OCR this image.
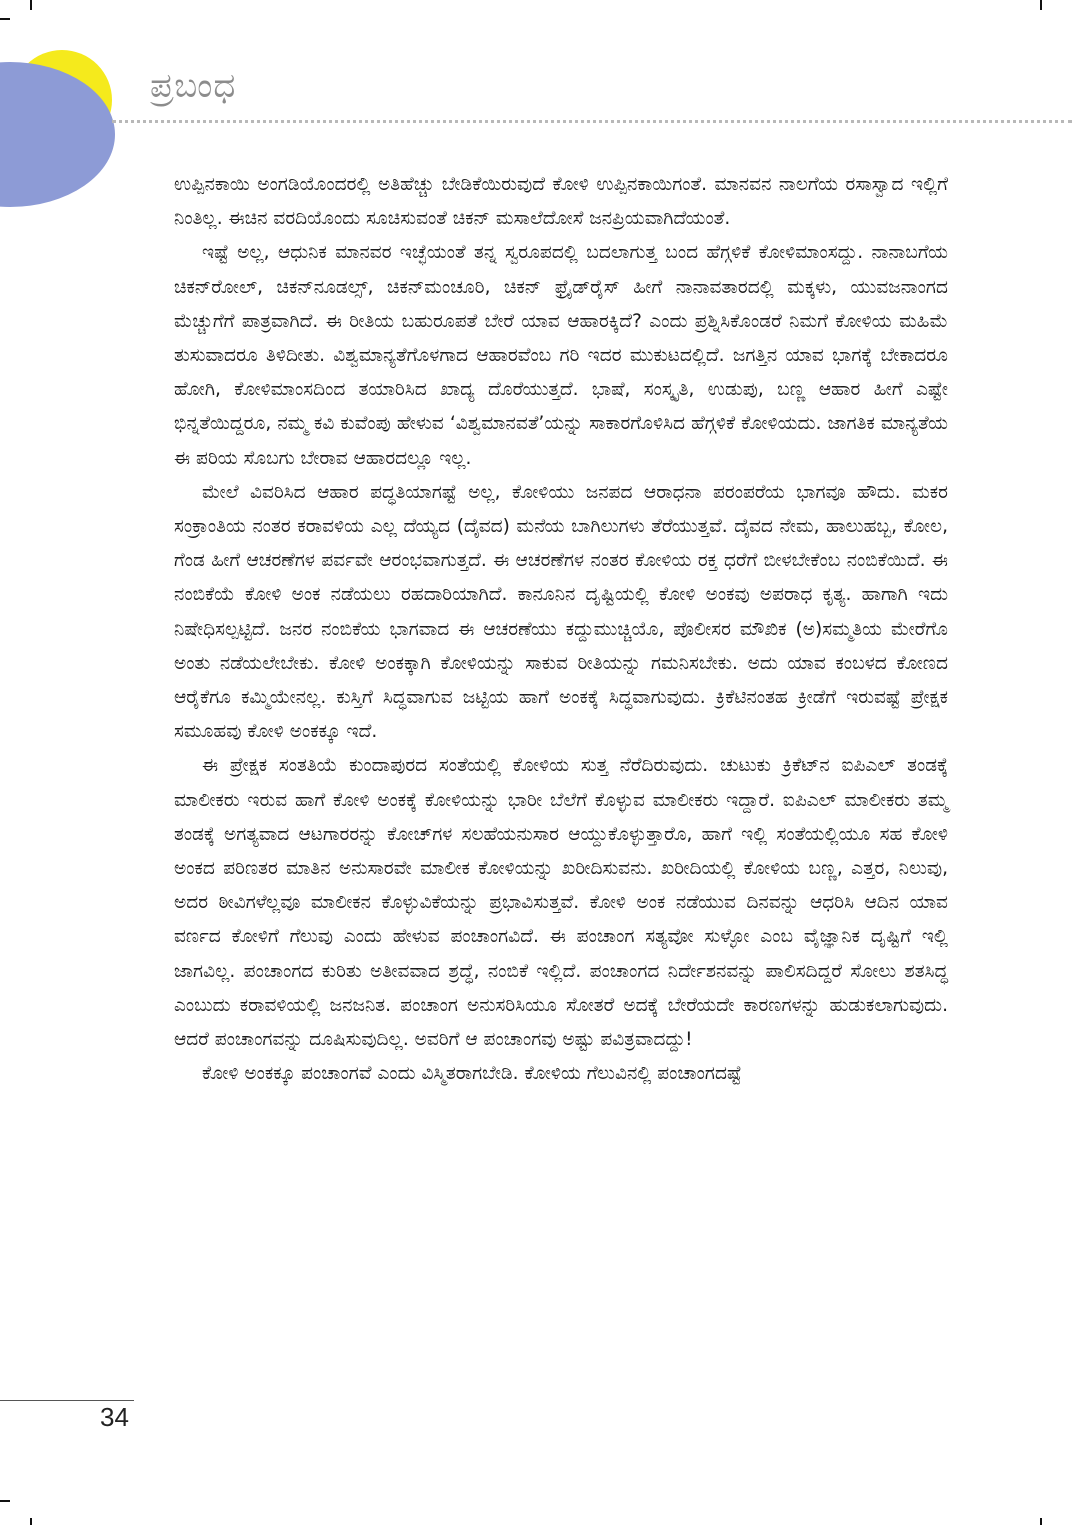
ಪ್ರಬಂಧ

ಉಪ್ಪಿನಕಾಯಿ ಅಂಗಡಿಯೊಂದರಲ್ಲಿ ಅತಿಹೆಚ್ಚು ಬೇಡಿಕೆಯಿರುವುದೆ ಕೋಳಿ ಉಪ್ಪಿನಕಾಯಿಗಂತೆ. ಮಾನವನ ನಾಲಗೆಯ ರಸಾಸ್ವಾದ ಇಲ್ಲಿಗೆ ನಿಂತಿಲ್ಲ. ಈಚಿನ ವರದಿಯೊಂದು ಸೂಚಿಸುವಂತೆ ಚಿಕನ್ ಮಸಾಲೆದೋಸೆ ಜನಪ್ರಿಯವಾಗಿದೆಯಂತೆ.

ಇಷ್ಟೆ ಅಲ್ಲ, ಆಧುನಿಕ ಮಾನವರ ಇಚ್ಛೆಯಂತೆ ತನ್ನ ಸ್ವರೂಪದಲ್ಲಿ ಬದಲಾಗುತ್ತ ಬಂದ ಹೆಗ್ಗಳಿಕೆ ಕೋಳಿಮಾಂಸದ್ದು. ನಾನಾಬಗೆಯ ಚಿಕನ್‌ರೋಲ್, ಚಿಕನ್‌ನೂಡಲ್ಸ್, ಚಿಕನ್‌ಮಂಚೂರಿ, ಚಿಕನ್ ಫ್ರೈಡ್‌ರೈಸ್ ಹೀಗೆ ನಾನಾವತಾರದಲ್ಲಿ ಮಕ್ಕಳು, ಯುವಜನಾಂಗದ ಮೆಚ್ಚುಗೆಗೆ ಪಾತ್ರವಾಗಿದೆ. ಈ ರೀತಿಯ ಬಹುರೂಪತೆ ಬೇರೆ ಯಾವ ಆಹಾರಕ್ಕಿದೆ? ಎಂದು ಪ್ರಶ್ನಿಸಿಕೊಂಡರೆ ನಿಮಗೆ ಕೋಳಿಯ ಮಹಿಮೆ ತುಸುವಾದರೂ ತಿಳಿದೀತು. ವಿಶ್ವಮಾನ್ಯತೆಗೊಳಗಾದ ಆಹಾರವೆಂಬ ಗರಿ ಇದರ ಮುಕುಟದಲ್ಲಿದೆ. ಜಗತ್ತಿನ ಯಾವ ಭಾಗಕ್ಕೆ ಬೇಕಾದರೂ ಹೋಗಿ, ಕೋಳಿಮಾಂಸದಿಂದ ತಯಾರಿಸಿದ ಖಾದ್ಯ ದೊರೆಯುತ್ತದೆ. ಭಾಷೆ, ಸಂಸ್ಕೃತಿ, ಉಡುಪು, ಬಣ್ಣ ಆಹಾರ ಹೀಗೆ ಎಷ್ಟೇ ಭಿನ್ನತೆಯಿದ್ದರೂ, ನಮ್ಮ ಕವಿ ಕುವೆಂಪು ಹೇಳುವ ‘ವಿಶ್ವಮಾನವತೆ’ಯನ್ನು ಸಾಕಾರಗೊಳಿಸಿದ ಹೆಗ್ಗಳಿಕೆ ಕೋಳಿಯದು. ಜಾಗತಿಕ ಮಾನ್ಯತೆಯ ಈ ಪರಿಯ ಸೊಬಗು ಬೇರಾವ ಆಹಾರದಲ್ಲೂ ಇಲ್ಲ.

ಮೇಲೆ ವಿವರಿಸಿದ ಆಹಾರ ಪದ್ಧತಿಯಾಗಷ್ಟೆ ಅಲ್ಲ, ಕೋಳಿಯು ಜನಪದ ಆರಾಧನಾ ಪರಂಪರೆಯ ಭಾಗವೂ ಹೌದು. ಮಕರ ಸಂಕ್ರಾಂತಿಯ ನಂತರ ಕರಾವಳಿಯ ಎಲ್ಲ ದೆಯ್ಯದ (ದೈವದ) ಮನೆಯ ಬಾಗಿಲುಗಳು ತೆರೆಯುತ್ತವೆ. ದೈವದ ನೇಮ, ಹಾಲುಹಬ್ಬ, ಕೋಲ, ಗೆಂಡ ಹೀಗೆ ಆಚರಣೆಗಳ ಪರ್ವವೇ ಆರಂಭವಾಗುತ್ತದೆ. ಈ ಆಚರಣೆಗಳ ನಂತರ ಕೋಳಿಯ ರಕ್ತ ಧರೆಗೆ ಬೀಳಬೇಕೆಂಬ ನಂಬಿಕೆಯಿದೆ. ಈ ನಂಬಿಕೆಯೆ ಕೋಳಿ ಅಂಕ ನಡೆಯಲು ರಹದಾರಿಯಾಗಿದೆ. ಕಾನೂನಿನ ದೃಷ್ಟಿಯಲ್ಲಿ ಕೋಳಿ ಅಂಕವು ಅಪರಾಧ ಕೃತ್ಯ. ಹಾಗಾಗಿ ಇದು ನಿಷೇಧಿಸಲ್ಪಟ್ಟಿದೆ. ಜನರ ನಂಬಿಕೆಯ ಭಾಗವಾದ ಈ ಆಚರಣೆಯು ಕದ್ದುಮುಚ್ಚಿಯೊ, ಪೊಲೀಸರ ಮೌಖಿಕ (ಅ)ಸಮ್ಮತಿಯ ಮೇರೆಗೊ ಅಂತು ನಡೆಯಲೇಬೇಕು. ಕೋಳಿ ಅಂಕಕ್ಕಾಗಿ ಕೋಳಿಯನ್ನು ಸಾಕುವ ರೀತಿಯನ್ನು ಗಮನಿಸಬೇಕು. ಅದು ಯಾವ ಕಂಬಳದ ಕೋಣದ ಆರೈಕೆಗೂ ಕಮ್ಮಿಯೇನಲ್ಲ. ಕುಸ್ತಿಗೆ ಸಿದ್ಧವಾಗುವ ಜಟ್ಟಿಯ ಹಾಗೆ ಅಂಕಕ್ಕೆ ಸಿದ್ಧವಾಗುವುದು. ಕ್ರಿಕೆಟಿನಂತಹ ಕ್ರೀಡೆಗೆ ಇರುವಷ್ಟೆ ಪ್ರೇಕ್ಷಕ ಸಮೂಹವು ಕೋಳಿ ಅಂಕಕ್ಕೂ ಇದೆ.

ಈ ಪ್ರೇಕ್ಷಕ ಸಂತತಿಯೆ ಕುಂದಾಪುರದ ಸಂತೆಯಲ್ಲಿ ಕೋಳಿಯ ಸುತ್ತ ನೆರೆದಿರುವುದು. ಚುಟುಕು ಕ್ರಿಕೆಟ್‌ನ ಐಪಿಎಲ್ ತಂಡಕ್ಕೆ ಮಾಲೀಕರು ಇರುವ ಹಾಗೆ ಕೋಳಿ ಅಂಕಕ್ಕೆ ಕೋಳಿಯನ್ನು ಭಾರೀ ಬೆಲೆಗೆ ಕೊಳ್ಳುವ ಮಾಲೀಕರು ಇದ್ದಾರೆ. ಐಪಿಎಲ್ ಮಾಲೀಕರು ತಮ್ಮ ತಂಡಕ್ಕೆ ಅಗತ್ಯವಾದ ಆಟಗಾರರನ್ನು ಕೋಚ್‌ಗಳ ಸಲಹೆಯನುಸಾರ ಆಯ್ದುಕೊಳ್ಳುತ್ತಾರೊ, ಹಾಗೆ ಇಲ್ಲಿ ಸಂತೆಯಲ್ಲಿಯೂ ಸಹ ಕೋಳಿ ಅಂಕದ ಪರಿಣತರ ಮಾತಿನ ಅನುಸಾರವೇ ಮಾಲೀಕ ಕೋಳಿಯನ್ನು ಖರೀದಿಸುವನು. ಖರೀದಿಯಲ್ಲಿ ಕೋಳಿಯ ಬಣ್ಣ, ಎತ್ತರ, ನಿಲುವು, ಅದರ ಠೀವಿಗಳೆಲ್ಲವೂ ಮಾಲೀಕನ ಕೊಳ್ಳುವಿಕೆಯನ್ನು ಪ್ರಭಾವಿಸುತ್ತವೆ. ಕೋಳಿ ಅಂಕ ನಡೆಯುವ ದಿನವನ್ನು ಆಧರಿಸಿ ಆದಿನ ಯಾವ ವರ್ಣದ ಕೋಳಿಗೆ ಗೆಲುವು ಎಂದು ಹೇಳುವ ಪಂಚಾಂಗವಿದೆ. ಈ ಪಂಚಾಂಗ ಸತ್ಯವೋ ಸುಳ್ಳೋ ಎಂಬ ವೈಜ್ಞಾನಿಕ ದೃಷ್ಟಿಗೆ ಇಲ್ಲಿ ಜಾಗವಿಲ್ಲ. ಪಂಚಾಂಗದ ಕುರಿತು ಅತೀವವಾದ ಶ್ರದ್ಧೆ, ನಂಬಿಕೆ ಇಲ್ಲಿದೆ. ಪಂಚಾಂಗದ ನಿರ್ದೇಶನವನ್ನು ಪಾಲಿಸದಿದ್ದರೆ ಸೋಲು ಶತಸಿದ್ಧ ಎಂಬುದು ಕರಾವಳಿಯಲ್ಲಿ ಜನಜನಿತ. ಪಂಚಾಂಗ ಅನುಸರಿಸಿಯೂ ಸೋತರೆ ಅದಕ್ಕೆ ಬೇರೆಯದೇ ಕಾರಣಗಳನ್ನು ಹುಡುಕಲಾಗುವುದು. ಆದರೆ ಪಂಚಾಂಗವನ್ನು ದೂಷಿಸುವುದಿಲ್ಲ. ಅವರಿಗೆ ಆ ಪಂಚಾಂಗವು ಅಷ್ಟು ಪವಿತ್ರವಾದದ್ದು!

ಕೋಳಿ ಅಂಕಕ್ಕೂ ಪಂಚಾಂಗವೆ ಎಂದು ವಿಸ್ಮಿತರಾಗಬೇಡಿ. ಕೋಳಿಯ ಗೆಲುವಿನಲ್ಲಿ ಪಂಚಾಂಗದಷ್ಟೆ

34
